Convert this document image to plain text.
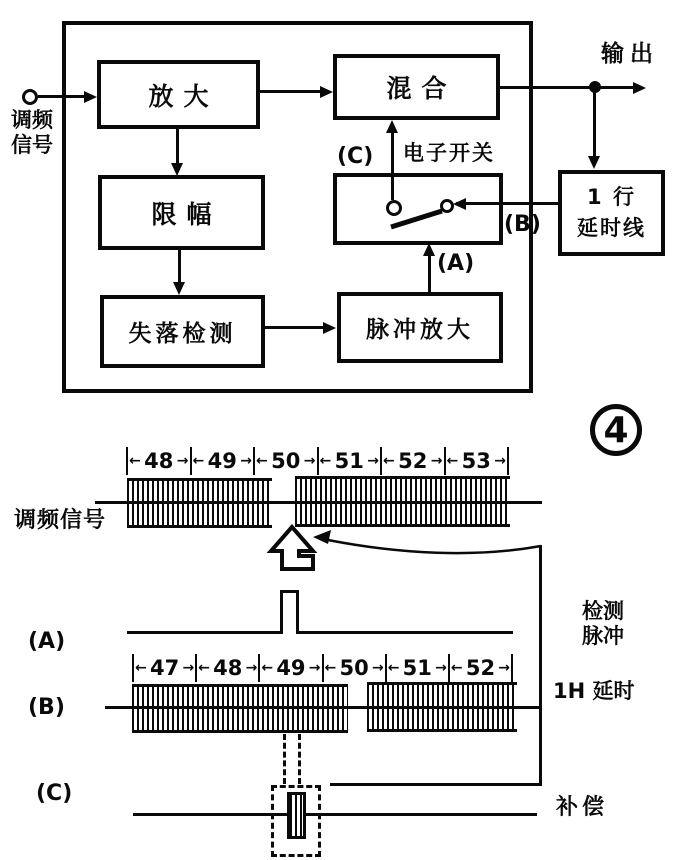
调频
信号
放大	混合
限幅
失落检测	脉冲放大
(C) 电子开关
(B)
(A)
1 行
延时线
输出
4
← 48
→ ← 49
→ ← 50
→ ← 51
→ ← 52
→ ← 53
→
调频信号
(A)
检测
脉冲
← 47
→ ← 48
→ ← 49
→ ← 50
→ ← 51
→ ← 52
→
(B)
1H 延时
(C)
补偿
